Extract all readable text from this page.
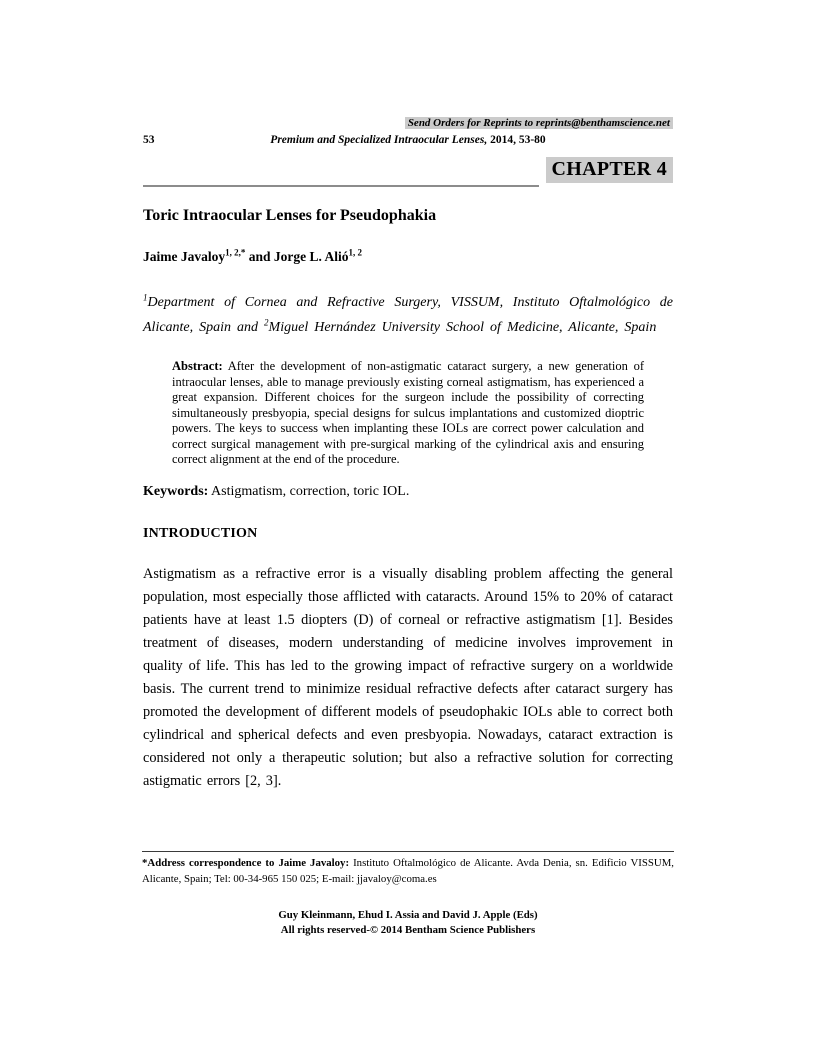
Send Orders for Reprints to reprints@benthamscience.net
53	Premium and Specialized Intraocular Lenses, 2014, 53-80
CHAPTER 4
Toric Intraocular Lenses for Pseudophakia
Jaime Javaloy$^{1, 2,*}$ and Jorge L. Alió$^{1, 2}$
$^1$Department of Cornea and Refractive Surgery, VISSUM, Instituto Oftalmológico de Alicante, Spain and $^2$Miguel Hernández University School of Medicine, Alicante, Spain
Abstract: After the development of non-astigmatic cataract surgery, a new generation of intraocular lenses, able to manage previously existing corneal astigmatism, has experienced a great expansion. Different choices for the surgeon include the possibility of correcting simultaneously presbyopia, special designs for sulcus implantations and customized dioptric powers. The keys to success when implanting these IOLs are correct power calculation and correct surgical management with pre-surgical marking of the cylindrical axis and ensuring correct alignment at the end of the procedure.
Keywords: Astigmatism, correction, toric IOL.
INTRODUCTION
Astigmatism as a refractive error is a visually disabling problem affecting the general population, most especially those afflicted with cataracts. Around 15% to 20% of cataract patients have at least 1.5 diopters (D) of corneal or refractive astigmatism [1]. Besides treatment of diseases, modern understanding of medicine involves improvement in quality of life. This has led to the growing impact of refractive surgery on a worldwide basis. The current trend to minimize residual refractive defects after cataract surgery has promoted the development of different models of pseudophakic IOLs able to correct both cylindrical and spherical defects and even presbyopia. Nowadays, cataract extraction is considered not only a therapeutic solution; but also a refractive solution for correcting astigmatic errors [2, 3].
*Address correspondence to Jaime Javaloy: Instituto Oftalmológico de Alicante. Avda Denia, sn. Edificio VISSUM, Alicante, Spain; Tel: 00-34-965 150 025; E-mail: jjavaloy@coma.es
Guy Kleinmann, Ehud I. Assia and David J. Apple (Eds)
All rights reserved-© 2014 Bentham Science Publishers
